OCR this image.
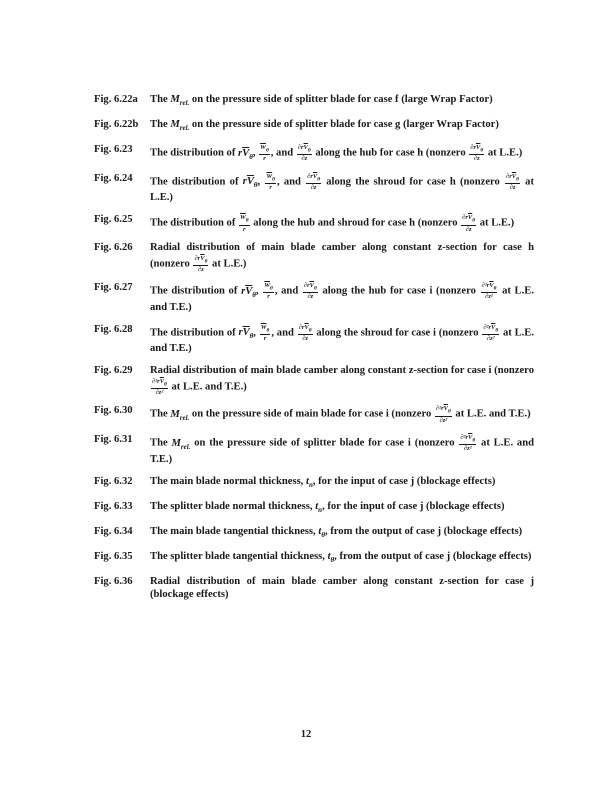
Fig. 6.22a	The $M_{rel.}$ on the pressure side of splitter blade for case f (large Wrap Factor)
Fig. 6.22b	The $M_{rel.}$ on the pressure side of splitter blade for case g (larger Wrap Factor)
Fig. 6.23	The distribution of $r\overline{V}_\theta$, $\frac{\overline{W}_\theta}{r}$ , and $\frac{\partial r\overline{V}_\theta}{\partial z}$ along the hub for case h (nonzero $\frac{\partial r\overline{V}_\theta}{\partial z}$ at L.E.)
Fig. 6.24	The distribution of $r\overline{V}_\theta$, $\frac{\overline{W}_\theta}{r}$ , and $\frac{\partial r\overline{V}_\theta}{\partial z}$ along the shroud for case h (nonzero $\frac{\partial r\overline{V}_\theta}{\partial z}$ at L.E.)
Fig. 6.25	The distribution of $\frac{\overline{W}_\theta}{r}$ along the hub and shroud for case h (nonzero $\frac{\partial r\overline{V}_\theta}{\partial z}$ at L.E.)
Fig. 6.26	Radial distribution of main blade camber along constant z-section for case h (nonzero $\frac{\partial r\overline{V}_\theta}{\partial z}$ at L.E.)
Fig. 6.27	The distribution of $r\overline{V}_\theta$, $\frac{\overline{W}_\theta}{r}$ , and $\frac{\partial r\overline{V}_\theta}{\partial z}$ along the hub for case i (nonzero $\frac{\partial^2r\overline{V}_\theta}{\text{∂z²}}$ at L.E. and T.E.)
Fig. 6.28	The distribution of $r\overline{V}_\theta$, $\frac{\overline{W}_\theta}{r}$ , and $\frac{\partial r\overline{V}_\theta}{\partial z}$ along the shroud for case i (nonzero $\frac{\partial^2r\overline{V}_\theta}{\text{∂z²}}$ at L.E. and T.E.)
Fig. 6.29	Radial distribution of main blade camber along constant z-section for case i (nonzero
$\frac{\partial^2r\overline{V}_\theta}{\text{∂z²}}$ at L.E. and T.E.)
Fig. 6.30	The $M_{rel.}$ on the pressure side of main blade for case i (nonzero $\frac{\partial^2r\overline{V}_\theta}{\text{∂z²}}$ at L.E. and T.E.)
Fig. 6.31	The $M_{rel.}$ on the pressure side of splitter blade for case i (nonzero $\frac{\partial^2r\overline{V}_\theta}{\text{∂z²}}$ at L.E. and T.E.)
Fig. 6.32	The main blade normal thickness, $t_n$, for the input of case j (blockage effects)
Fig. 6.33	The splitter blade normal thickness, $t_n$, for the input of case j (blockage effects)
Fig. 6.34	The main blade tangential thickness, $t_\theta$, from the output of case j (blockage effects)
Fig. 6.35	The splitter blade tangential thickness, $t_\theta$, from the output of case j (blockage effects)
Fig. 6.36	Radial distribution of main blade camber along constant z-section for case j (blockage effects)
12
